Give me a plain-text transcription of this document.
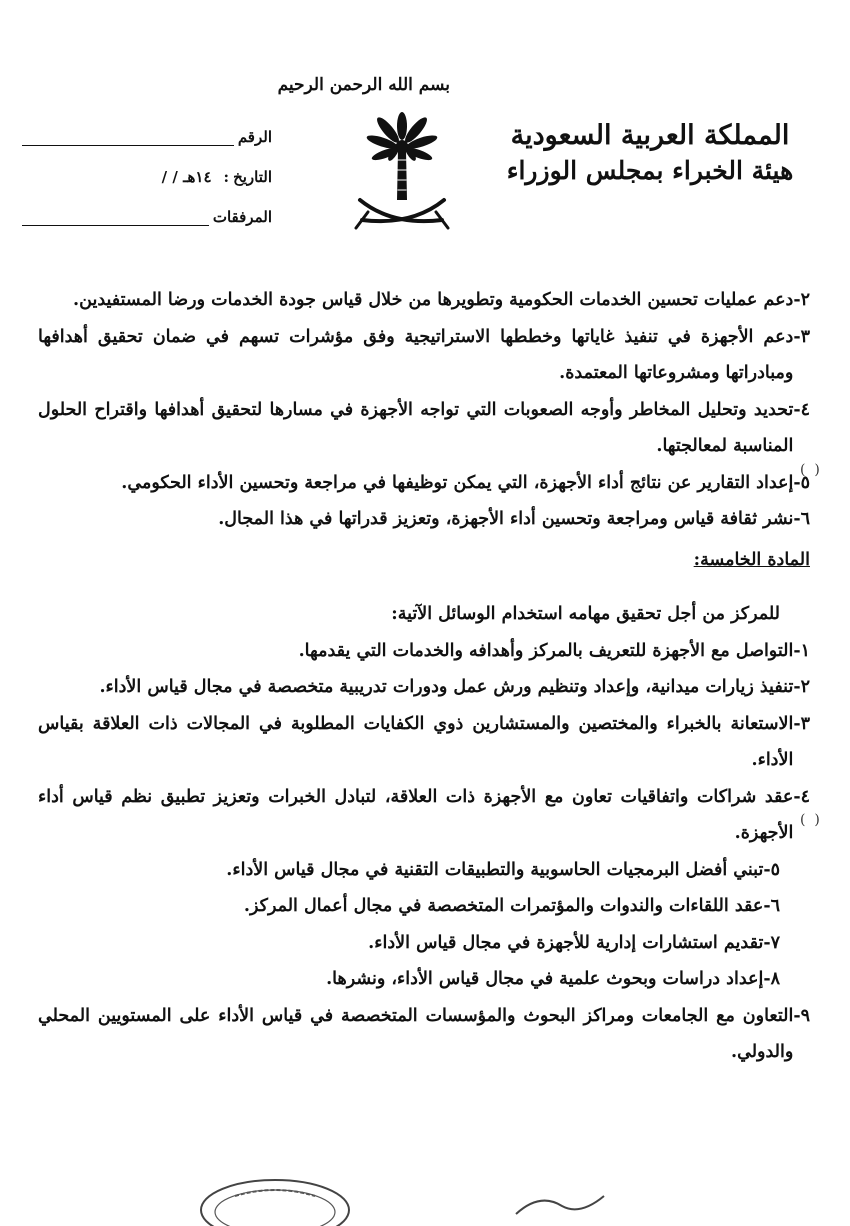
المملكة العربية السعودية
هيئة الخبراء بمجلس الوزراء
بسم الله الرحمن الرحيم
الرقم
التاريخ
:
١٤هـ / /
المرفقات
٢-
دعم عمليات تحسين الخدمات الحكومية وتطويرها من خلال قياس جودة الخدمات ورضا المستفيدين.
٣-
دعم الأجهزة في تنفيذ غاياتها وخططها الاستراتيجية وفق مؤشرات تسهم في ضمان تحقيق أهدافها ومبادراتها ومشروعاتها المعتمدة.
٤-
تحديد وتحليل المخاطر وأوجه الصعوبات التي تواجه الأجهزة في مسارها لتحقيق أهدافها واقتراح الحلول المناسبة لمعالجتها.
٥-
إعداد التقارير عن نتائج أداء الأجهزة، التي يمكن توظيفها في مراجعة وتحسين الأداء الحكومي.
٦-
نشر ثقافة قياس ومراجعة وتحسين أداء الأجهزة، وتعزيز قدراتها في هذا المجال.
المادة الخامسة:
للمركز من أجل تحقيق مهامه استخدام الوسائل الآتية:
١-
التواصل مع الأجهزة للتعريف بالمركز وأهدافه والخدمات التي يقدمها.
٢-
تنفيذ زيارات ميدانية، وإعداد وتنظيم ورش عمل ودورات تدريبية متخصصة في مجال قياس الأداء.
٣-
الاستعانة بالخبراء والمختصين والمستشارين ذوي الكفايات المطلوبة في المجالات ذات العلاقة بقياس الأداء.
٤-
عقد شراكات واتفاقيات تعاون مع الأجهزة ذات العلاقة، لتبادل الخبرات وتعزيز تطبيق نظم قياس أداء الأجهزة.
٥-
تبني أفضل البرمجيات الحاسوبية والتطبيقات التقنية في مجال قياس الأداء.
٦-
عقد اللقاءات والندوات والمؤتمرات المتخصصة في مجال أعمال المركز.
٧-
تقديم استشارات إدارية للأجهزة في مجال قياس الأداء.
٨-
إعداد دراسات وبحوث علمية في مجال قياس الأداء، ونشرها.
٩-
التعاون مع الجامعات ومراكز البحوث والمؤسسات المتخصصة في قياس الأداء على المستويين المحلي والدولي.
(  )
(  )
